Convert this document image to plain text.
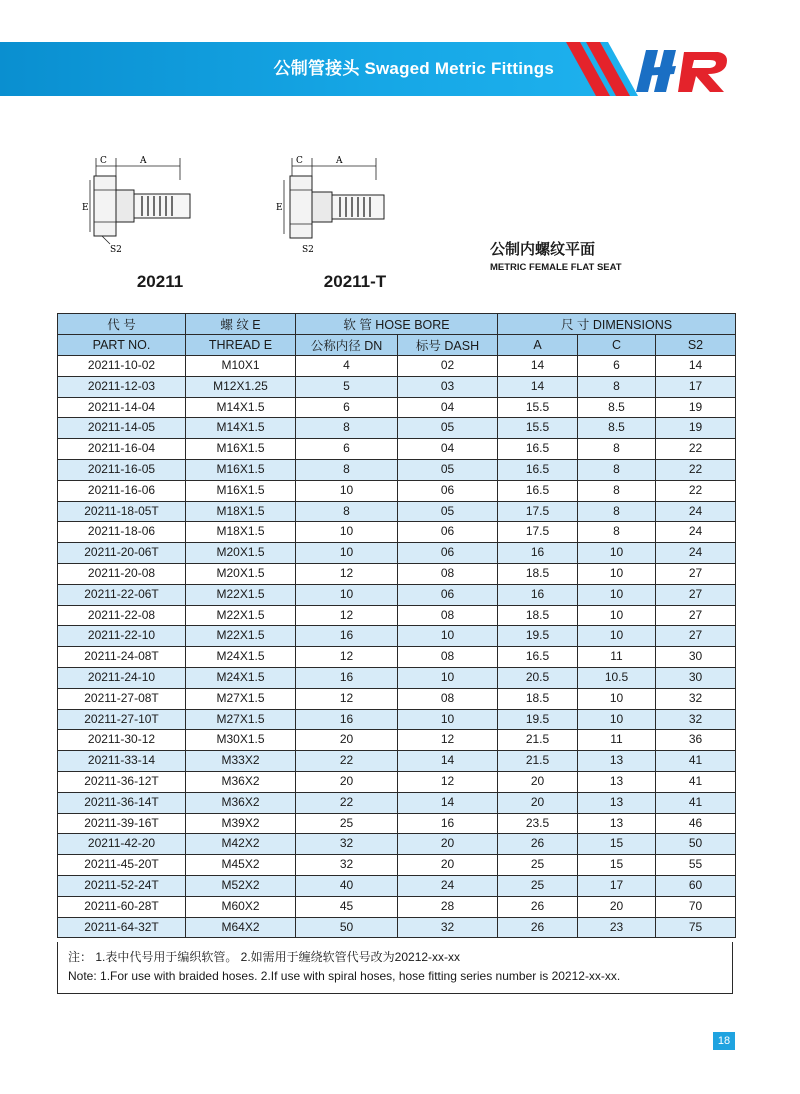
公制管接头 Swaged Metric Fittings
C	A
E
S2
20211
C	A
E
S2
20211-T
公制内螺纹平面
METRIC FEMALE FLAT SEAT
代 号	螺 纹 E	软 管 HOSE BORE		尺 寸 DIMENSIONS		
PART NO.	THREAD E	公称内径 DN	标号 DASH	A	C	S2
20211-10-02	M10X1	4	02	14	6	14
20211-12-03	M12X1.25	5	03	14	8	17
20211-14-04	M14X1.5	6	04	15.5	8.5	19
20211-14-05	M14X1.5	8	05	15.5	8.5	19
20211-16-04	M16X1.5	6	04	16.5	8	22
20211-16-05	M16X1.5	8	05	16.5	8	22
20211-16-06	M16X1.5	10	06	16.5	8	22
20211-18-05T	M18X1.5	8	05	17.5	8	24
20211-18-06	M18X1.5	10	06	17.5	8	24
20211-20-06T	M20X1.5	10	06	16	10	24
20211-20-08	M20X1.5	12	08	18.5	10	27
20211-22-06T	M22X1.5	10	06	16	10	27
20211-22-08	M22X1.5	12	08	18.5	10	27
20211-22-10	M22X1.5	16	10	19.5	10	27
20211-24-08T	M24X1.5	12	08	16.5	11	30
20211-24-10	M24X1.5	16	10	20.5	10.5	30
20211-27-08T	M27X1.5	12	08	18.5	10	32
20211-27-10T	M27X1.5	16	10	19.5	10	32
20211-30-12	M30X1.5	20	12	21.5	11	36
20211-33-14	M33X2	22	14	21.5	13	41
20211-36-12T	M36X2	20	12	20	13	41
20211-36-14T	M36X2	22	14	20	13	41
20211-39-16T	M39X2	25	16	23.5	13	46
20211-42-20	M42X2	32	20	26	15	50
20211-45-20T	M45X2	32	20	25	15	55
20211-52-24T	M52X2	40	24	25	17	60
20211-60-28T	M60X2	45	28	26	20	70
20211-64-32T	M64X2	50	32	26	23	75
注： 1.表中代号用于编织软管。 2.如需用于缠绕软管代号改为20212-xx-xx
Note: 1.For use with braided hoses. 2.If use with spiral hoses, hose fitting series number is 20212-xx-xx.
18
